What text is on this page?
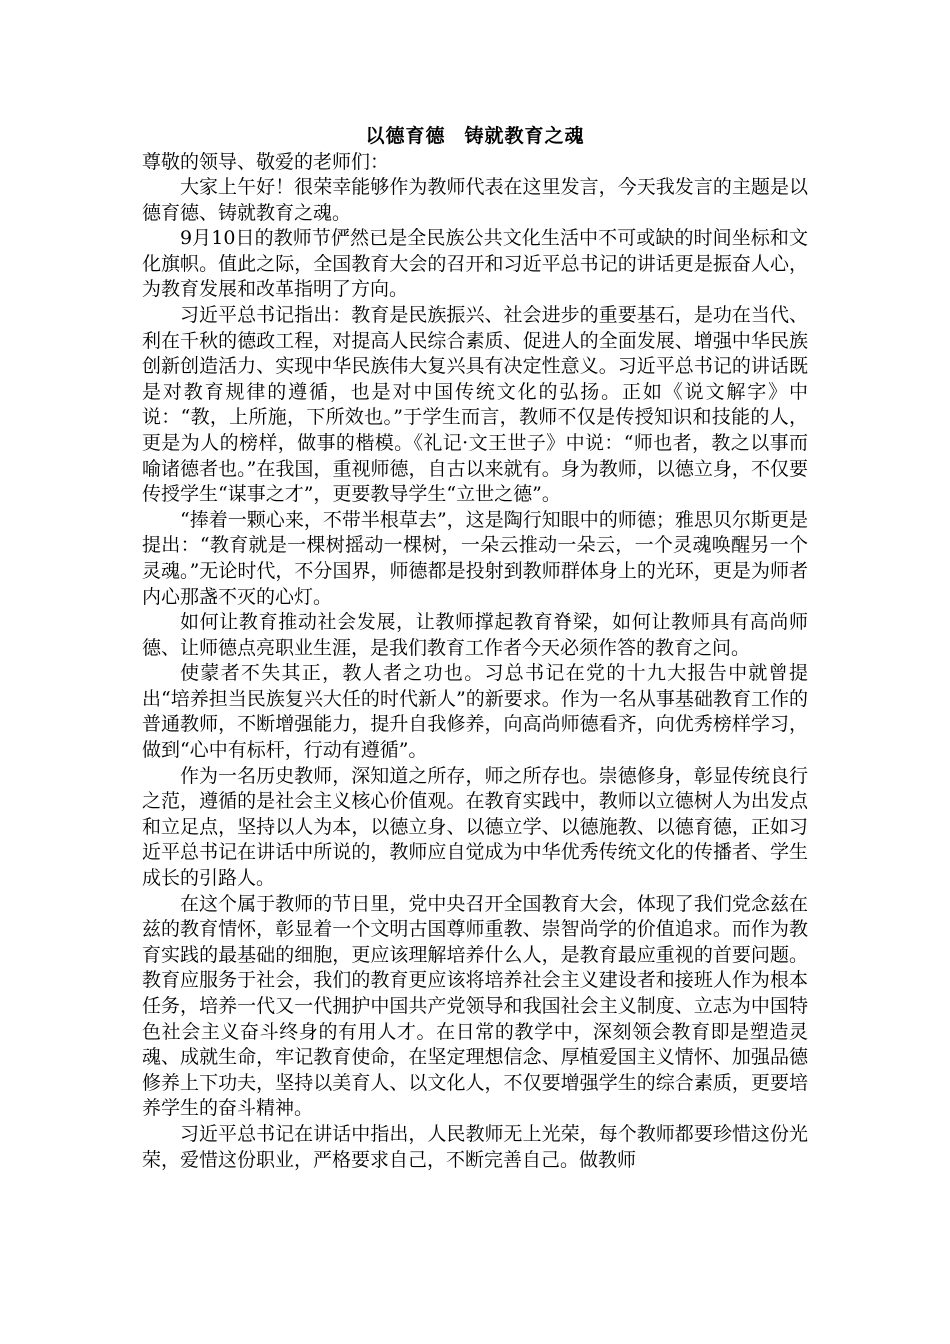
以德育德 铸就教育之魂

尊敬的领导、敬爱的老师们：

大家上午好！很荣幸能够作为教师代表在这里发言，今天我发言的主题是以德育德、铸就教育之魂。

9月10日的教师节俨然已是全民族公共文化生活中不可或缺的时间坐标和文化旗帜。值此之际，全国教育大会的召开和习近平总书记的讲话更是振奋人心，为教育发展和改革指明了方向。

习近平总书记指出：教育是民族振兴、社会进步的重要基石，是功在当代、利在千秋的德政工程，对提高人民综合素质、促进人的全面发展、增强中华民族创新创造活力、实现中华民族伟大复兴具有决定性意义。习近平总书记的讲话既是对教育规律的遵循，也是对中国传统文化的弘扬。正如《说文解字》中说：“教，上所施，下所效也。”于学生而言，教师不仅是传授知识和技能的人，更是为人的榜样，做事的楷模。《礼记·文王世子》中说：“师也者，教之以事而喻诸德者也。”在我国，重视师德，自古以来就有。身为教师，以德立身，不仅要传授学生“谋事之才”，更要教导学生“立世之德”。

“捧着一颗心来，不带半根草去”，这是陶行知眼中的师德；雅思贝尔斯更是提出：“教育就是一棵树摇动一棵树，一朵云推动一朵云，一个灵魂唤醒另一个灵魂。”无论时代，不分国界，师德都是投射到教师群体身上的光环，更是为师者内心那盏不灭的心灯。

如何让教育推动社会发展，让教师撑起教育脊梁，如何让教师具有高尚师德、让师德点亮职业生涯，是我们教育工作者今天必须作答的教育之问。

使蒙者不失其正，教人者之功也。习总书记在党的十九大报告中就曾提出“培养担当民族复兴大任的时代新人”的新要求。作为一名从事基础教育工作的普通教师，不断增强能力，提升自我修养，向高尚师德看齐，向优秀榜样学习，做到“心中有标杆，行动有遵循”。

作为一名历史教师，深知道之所存，师之所存也。崇德修身，彰显传统良行之范，遵循的是社会主义核心价值观。在教育实践中，教师以立德树人为出发点和立足点，坚持以人为本，以德立身、以德立学、以德施教、以德育德，正如习近平总书记在讲话中所说的，教师应自觉成为中华优秀传统文化的传播者、学生成长的引路人。

在这个属于教师的节日里，党中央召开全国教育大会，体现了我们党念兹在兹的教育情怀，彰显着一个文明古国尊师重教、崇智尚学的价值追求。而作为教育实践的最基础的细胞，更应该理解培养什么人，是教育最应重视的首要问题。教育应服务于社会，我们的教育更应该将培养社会主义建设者和接班人作为根本任务，培养一代又一代拥护中国共产党领导和我国社会主义制度、立志为中国特色社会主义奋斗终身的有用人才。在日常的教学中，深刻领会教育即是塑造灵魂、成就生命，牢记教育使命，在坚定理想信念、厚植爱国主义情怀、加强品德修养上下功夫，坚持以美育人、以文化人，不仅要增强学生的综合素质，更要培养学生的奋斗精神。

习近平总书记在讲话中指出，人民教师无上光荣，每个教师都要珍惜这份光荣，爱惜这份职业，严格要求自己，不断完善自己。做教师
